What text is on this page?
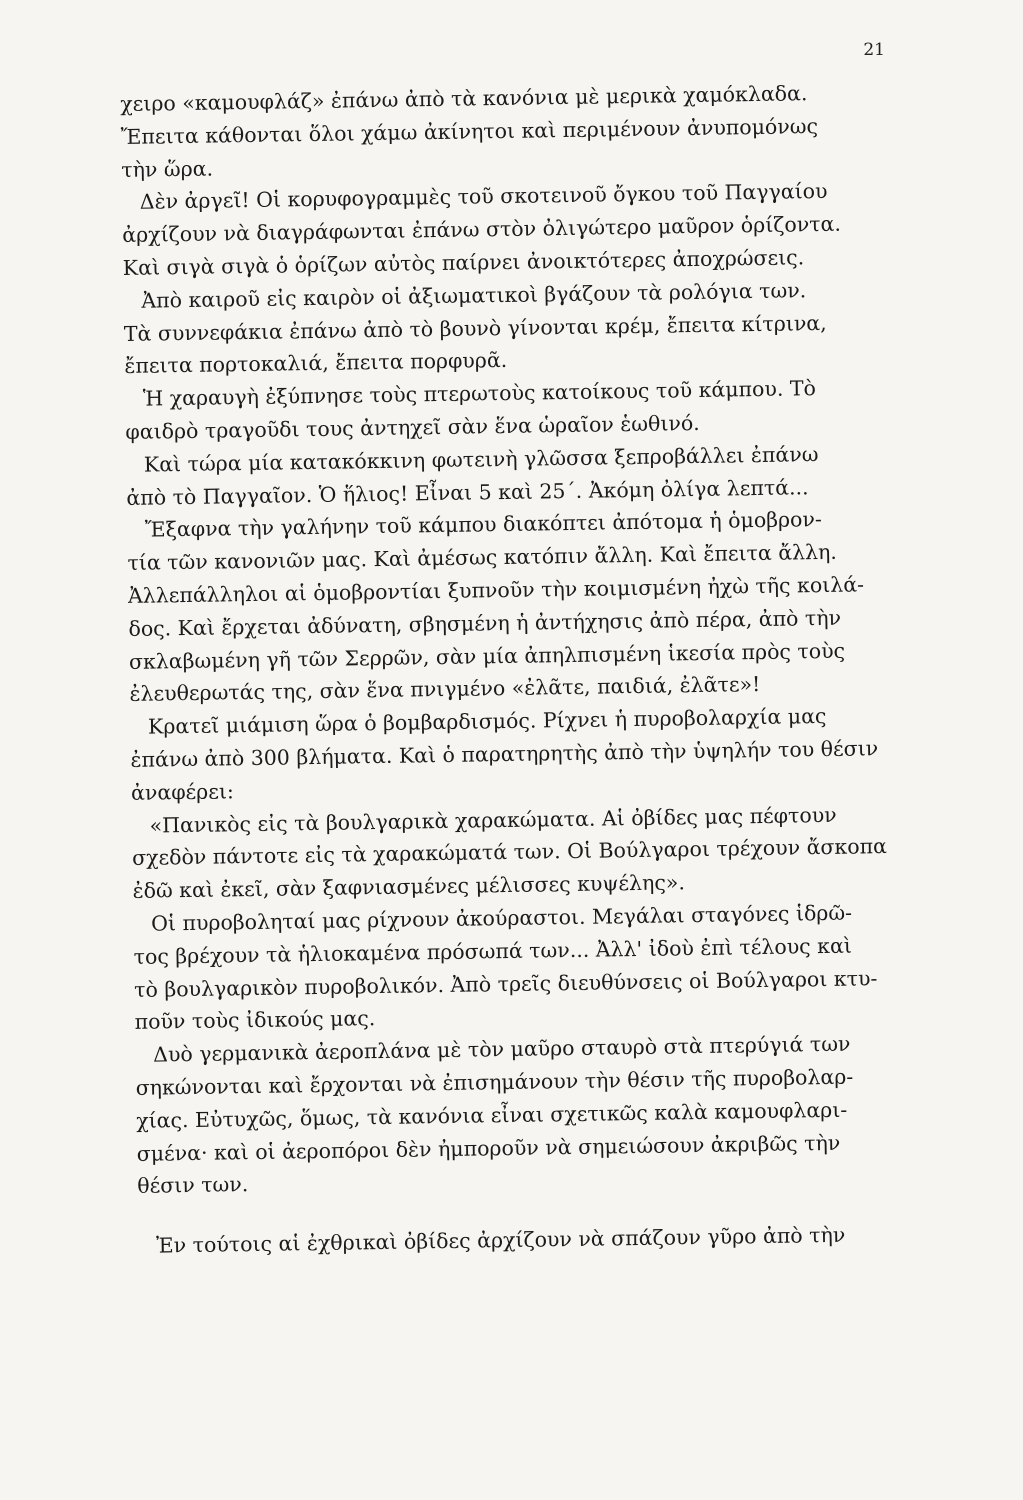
21
χειρο «καμουφλάζ» ἐπάνω ἀπὸ τὰ κανόνια μὲ μερικὰ χαμόκλαδα.
Ἔπειτα κάθονται ὅλοι χάμω ἀκίνητοι καὶ περιμένουν ἀνυπομόνως
τὴν ὥρα.
Δὲν ἀργεῖ! Οἱ κορυφογραμμὲς τοῦ σκοτεινοῦ ὄγκου τοῦ Παγγαίου
ἀρχίζουν νὰ διαγράφωνται ἐπάνω στὸν ὀλιγώτερο μαῦρον ὁρίζοντα.
Καὶ σιγὰ σιγὰ ὁ ὁρίζων αὐτὸς παίρνει ἀνοικτότερες ἀποχρώσεις.
Ἀπὸ καιροῦ εἰς καιρὸν οἱ ἀξιωματικοὶ βγάζουν τὰ ρολόγια των.
Τὰ συννεφάκια ἐπάνω ἀπὸ τὸ βουνὸ γίνονται κρέμ, ἔπειτα κίτρινα,
ἔπειτα πορτοκαλιά, ἔπειτα πορφυρᾶ.
Ἡ χαραυγὴ ἐξύπνησε τοὺς πτερωτοὺς κατοίκους τοῦ κάμπου. Τὸ
φαιδρὸ τραγοῦδι τους ἀντηχεῖ σὰν ἕνα ὡραῖον ἑωθινό.
Καὶ τώρα μία κατακόκκινη φωτεινὴ γλῶσσα ξεπροβάλλει ἐπάνω
ἀπὸ τὸ Παγγαῖον. Ὁ ἥλιος! Εἶναι 5 καὶ 25΄. Ἀκόμη ὀλίγα λεπτά...
Ἔξαφνα τὴν γαλήνην τοῦ κάμπου διακόπτει ἀπότομα ἡ ὁμοβρον-
τία τῶν κανονιῶν μας. Καὶ ἀμέσως κατόπιν ἄλλη. Καὶ ἔπειτα ἄλλη.
Ἀλλεπάλληλοι αἱ ὁμοβροντίαι ξυπνοῦν τὴν κοιμισμένη ἠχὼ τῆς κοιλά-
δος. Καὶ ἔρχεται ἀδύνατη, σβησμένη ἡ ἀντήχησις ἀπὸ πέρα, ἀπὸ τὴν
σκλαβωμένη γῆ τῶν Σερρῶν, σὰν μία ἀπηλπισμένη ἱκεσία πρὸς τοὺς
ἐλευθερωτάς της, σὰν ἕνα πνιγμένο «ἐλᾶτε, παιδιά, ἐλᾶτε»!
Κρατεῖ μιάμιση ὥρα ὁ βομβαρδισμός. Ρίχνει ἡ πυροβολαρχία μας
ἐπάνω ἀπὸ 300 βλήματα. Καὶ ὁ παρατηρητὴς ἀπὸ τὴν ὑψηλήν του θέσιν
ἀναφέρει:
«Πανικὸς εἰς τὰ βουλγαρικὰ χαρακώματα. Αἱ ὀβίδες μας πέφτουν
σχεδὸν πάντοτε εἰς τὰ χαρακώματά των. Οἱ Βούλγαροι τρέχουν ἄσκοπα
ἐδῶ καὶ ἐκεῖ, σὰν ξαφνιασμένες μέλισσες κυψέλης».
Οἱ πυροβοληταί μας ρίχνουν ἀκούραστοι. Μεγάλαι σταγόνες ἱδρῶ-
τος βρέχουν τὰ ἡλιοκαμένα πρόσωπά των... Ἀλλ' ἰδοὺ ἐπὶ τέλους καὶ
τὸ βουλγαρικὸν πυροβολικόν. Ἀπὸ τρεῖς διευθύνσεις οἱ Βούλγαροι κτυ-
ποῦν τοὺς ἰδικούς μας.
Δυὸ γερμανικὰ ἀεροπλάνα μὲ τὸν μαῦρο σταυρὸ στὰ πτερύγιά των
σηκώνονται καὶ ἔρχονται νὰ ἐπισημάνουν τὴν θέσιν τῆς πυροβολαρ-
χίας. Εὐτυχῶς, ὅμως, τὰ κανόνια εἶναι σχετικῶς καλὰ καμουφλαρι-
σμένα· καὶ οἱ ἀεροπόροι δὲν ἠμποροῦν νὰ σημειώσουν ἀκριβῶς τὴν
θέσιν των.
Ἐν τούτοις αἱ ἐχθρικαὶ ὀβίδες ἀρχίζουν νὰ σπάζουν γῦρο ἀπὸ τὴν
